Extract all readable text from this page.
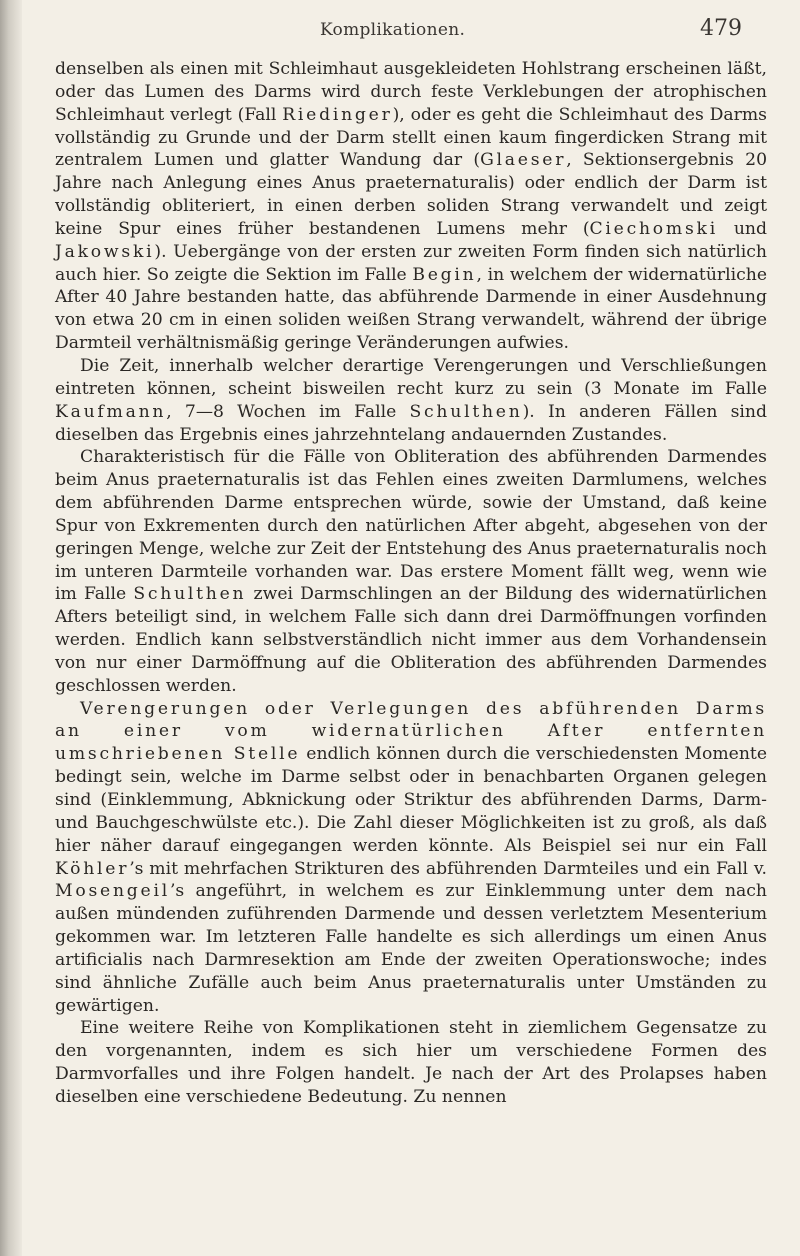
Komplikationen.	479

denselben als einen mit Schleimhaut ausgekleideten Hohlstrang erscheinen läßt, oder das Lumen des Darms wird durch feste Verklebungen der atrophischen Schleimhaut verlegt (Fall Riedinger), oder es geht die Schleimhaut des Darms vollständig zu Grunde und der Darm stellt einen kaum fingerdicken Strang mit zentralem Lumen und glatter Wandung dar (Glaeser, Sektionsergebnis 20 Jahre nach Anlegung eines Anus praeternaturalis) oder endlich der Darm ist vollständig obliteriert, in einen derben soliden Strang verwandelt und zeigt keine Spur eines früher bestandenen Lumens mehr (Ciechomski und Jakowski). Uebergänge von der ersten zur zweiten Form finden sich natürlich auch hier. So zeigte die Sektion im Falle Begin, in welchem der widernatürliche After 40 Jahre bestanden hatte, das abführende Darmende in einer Ausdehnung von etwa 20 cm in einen soliden weißen Strang verwandelt, während der übrige Darmteil verhältnismäßig geringe Veränderungen aufwies.

Die Zeit, innerhalb welcher derartige Verengerungen und Verschließungen eintreten können, scheint bisweilen recht kurz zu sein (3 Monate im Falle Kaufmann, 7—8 Wochen im Falle Schulthen). In anderen Fällen sind dieselben das Ergebnis eines jahrzehntelang andauernden Zustandes.

Charakteristisch für die Fälle von Obliteration des abführenden Darmendes beim Anus praeternaturalis ist das Fehlen eines zweiten Darmlumens, welches dem abführenden Darme entsprechen würde, sowie der Umstand, daß keine Spur von Exkrementen durch den natürlichen After abgeht, abgesehen von der geringen Menge, welche zur Zeit der Entstehung des Anus praeternaturalis noch im unteren Darmteile vorhanden war. Das erstere Moment fällt weg, wenn wie im Falle Schulthen zwei Darmschlingen an der Bildung des widernatürlichen Afters beteiligt sind, in welchem Falle sich dann drei Darmöffnungen vorfinden werden. Endlich kann selbstverständlich nicht immer aus dem Vorhandensein von nur einer Darmöffnung auf die Obliteration des abführenden Darmendes geschlossen werden.

Verengerungen oder Verlegungen des abführenden Darms an einer vom widernatürlichen After entfernten umschriebenen Stelle endlich können durch die verschiedensten Momente bedingt sein, welche im Darme selbst oder in benachbarten Organen gelegen sind (Einklemmung, Abknickung oder Striktur des abführenden Darms, Darm- und Bauchgeschwülste etc.). Die Zahl dieser Möglichkeiten ist zu groß, als daß hier näher darauf eingegangen werden könnte. Als Beispiel sei nur ein Fall Köhler’s mit mehrfachen Strikturen des abführenden Darmteiles und ein Fall v. Mosengeil’s angeführt, in welchem es zur Einklemmung unter dem nach außen mündenden zuführenden Darmende und dessen verletztem Mesenterium gekommen war. Im letzteren Falle handelte es sich allerdings um einen Anus artificialis nach Darmresektion am Ende der zweiten Operationswoche; indes sind ähnliche Zufälle auch beim Anus praeternaturalis unter Umständen zu gewärtigen.

Eine weitere Reihe von Komplikationen steht in ziemlichem Gegensatze zu den vorgenannten, indem es sich hier um verschiedene Formen des Darmvorfalles und ihre Folgen handelt. Je nach der Art des Prolapses haben dieselben eine verschiedene Bedeutung. Zu nennen
